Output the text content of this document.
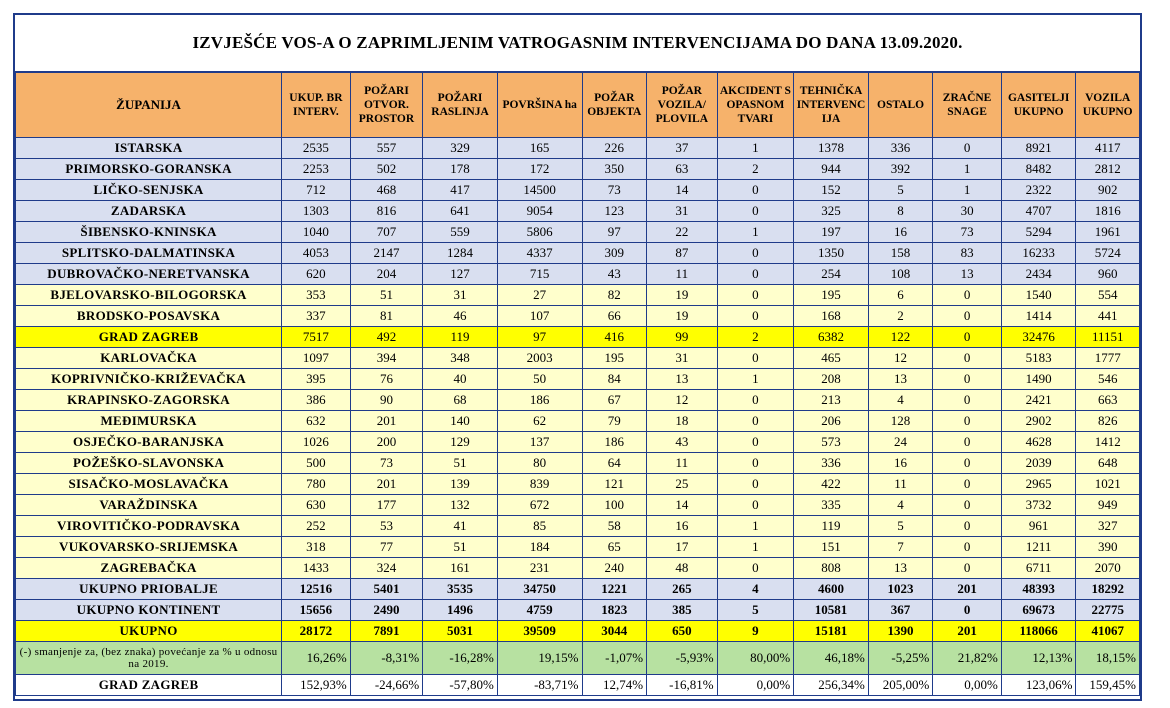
IZVJEŠĆE VOS-A O ZAPRIMLJENIM VATROGASNIM INTERVENCIJAMA DO DANA 13.09.2020.
ŽUPANIJA	UKUP. BR INTERV.	POŽARI OTVOR. PROSTOR	POŽARI RASLINJA	POVRŠINA ha	POŽAR OBJEKTA	POŽAR VOZILA/ PLOVILA	AKCIDENT S OPASNOM TVARI	TEHNIČKA INTERVENC IJA	OSTALO	ZRAČNE SNAGE	GASITELJI UKUPNO	VOZILA UKUPNO
ISTARSKA	2535	557	329	165	226	37	1	1378	336	0	8921	4117
PRIMORSKO-GORANSKA	2253	502	178	172	350	63	2	944	392	1	8482	2812
LIČKO-SENJSKA	712	468	417	14500	73	14	0	152	5	1	2322	902
ZADARSKA	1303	816	641	9054	123	31	0	325	8	30	4707	1816
ŠIBENSKO-KNINSKA	1040	707	559	5806	97	22	1	197	16	73	5294	1961
SPLITSKO-DALMATINSKA	4053	2147	1284	4337	309	87	0	1350	158	83	16233	5724
DUBROVAČKO-NERETVANSKA	620	204	127	715	43	11	0	254	108	13	2434	960
BJELOVARSKO-BILOGORSKA	353	51	31	27	82	19	0	195	6	0	1540	554
BRODSKO-POSAVSKA	337	81	46	107	66	19	0	168	2	0	1414	441
GRAD ZAGREB	7517	492	119	97	416	99	2	6382	122	0	32476	11151
KARLOVAČKA	1097	394	348	2003	195	31	0	465	12	0	5183	1777
KOPRIVNIČKO-KRIŽEVAČKA	395	76	40	50	84	13	1	208	13	0	1490	546
KRAPINSKO-ZAGORSKA	386	90	68	186	67	12	0	213	4	0	2421	663
MEĐIMURSKA	632	201	140	62	79	18	0	206	128	0	2902	826
OSJEČKO-BARANJSKA	1026	200	129	137	186	43	0	573	24	0	4628	1412
POŽEŠKO-SLAVONSKA	500	73	51	80	64	11	0	336	16	0	2039	648
SISAČKO-MOSLAVAČKA	780	201	139	839	121	25	0	422	11	0	2965	1021
VARAŽDINSKA	630	177	132	672	100	14	0	335	4	0	3732	949
VIROVITIČKO-PODRAVSKA	252	53	41	85	58	16	1	119	5	0	961	327
VUKOVARSKO-SRIJEMSKA	318	77	51	184	65	17	1	151	7	0	1211	390
ZAGREBAČKA	1433	324	161	231	240	48	0	808	13	0	6711	2070
UKUPNO PRIOBALJE	12516	5401	3535	34750	1221	265	4	4600	1023	201	48393	18292
UKUPNO KONTINENT	15656	2490	1496	4759	1823	385	5	10581	367	0	69673	22775
UKUPNO	28172	7891	5031	39509	3044	650	9	15181	1390	201	118066	41067
(-) smanjenje za, (bez znaka) povećanje za % u odnosu na 2019.	16,26%	-8,31%	-16,28%	19,15%	-1,07%	-5,93%	80,00%	46,18%	-5,25%	21,82%	12,13%	18,15%
GRAD ZAGREB	152,93%	-24,66%	-57,80%	-83,71%	12,74%	-16,81%	0,00%	256,34%	205,00%	0,00%	123,06%	159,45%
